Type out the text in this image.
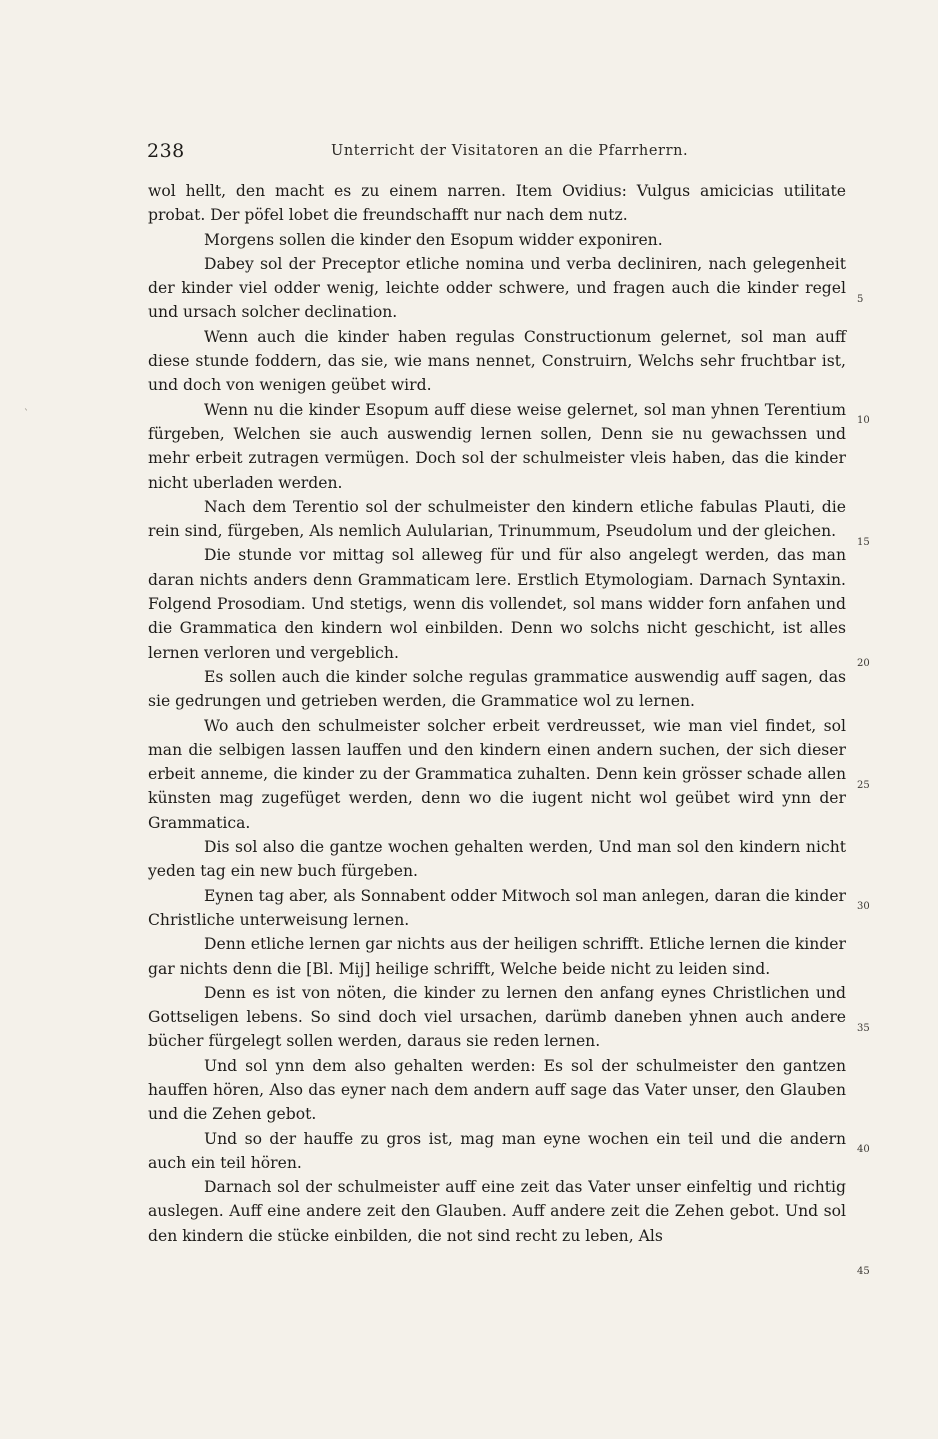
238	Unterricht der Visitatoren an die Pfarrherrn.
ˋ

wol hellt, den macht es zu einem narren. Item Ovidius: Vulgus amicicias utilitate probat. Der pöfel lobet die freundschafft nur nach dem nutz.

Morgens sollen die kinder den Esopum widder exponiren.

Dabey sol der Preceptor etliche nomina und verba decliniren, nach gelegenheit der kinder viel odder wenig, leichte odder schwere, und fragen auch die kinder regel und ursach solcher declination.

Wenn auch die kinder haben regulas Constructionum gelernet, sol man auff diese stunde foddern, das sie, wie mans nennet, Construirn, Welchs sehr fruchtbar ist, und doch von wenigen geübet wird.

Wenn nu die kinder Esopum auff diese weise gelernet, sol man yhnen Terentium fürgeben, Welchen sie auch auswendig lernen sollen, Denn sie nu gewachssen und mehr erbeit zutragen vermügen. Doch sol der schulmeister vleis haben, das die kinder nicht uberladen werden.

Nach dem Terentio sol der schulmeister den kindern etliche fabulas Plauti, die rein sind, fürgeben, Als nemlich Aulularian, Trinummum, Pseudolum und der gleichen.

Die stunde vor mittag sol alleweg für und für also angelegt werden, das man daran nichts anders denn Grammaticam lere. Erstlich Etymologiam. Darnach Syntaxin. Folgend Prosodiam. Und stetigs, wenn dis vollendet, sol mans widder forn anfahen und die Grammatica den kindern wol einbilden. Denn wo solchs nicht geschicht, ist alles lernen verloren und vergeblich.

Es sollen auch die kinder solche regulas grammatice auswendig auff sagen, das sie gedrungen und getrieben werden, die Grammatice wol zu lernen.

Wo auch den schulmeister solcher erbeit verdreusset, wie man viel findet, sol man die selbigen lassen lauffen und den kindern einen andern suchen, der sich dieser erbeit anneme, die kinder zu der Grammatica zuhalten. Denn kein grösser schade allen künsten mag zugefüget werden, denn wo die iugent nicht wol geübet wird ynn der Grammatica.

Dis sol also die gantze wochen gehalten werden, Und man sol den kindern nicht yeden tag ein new buch fürgeben.

Eynen tag aber, als Sonnabent odder Mitwoch sol man anlegen, daran die kinder Christliche unterweisung lernen.

Denn etliche lernen gar nichts aus der heiligen schrifft. Etliche lernen die kinder gar nichts denn die [Bl. Mij] heilige schrifft, Welche beide nicht zu leiden sind.

Denn es ist von nöten, die kinder zu lernen den anfang eynes Christlichen und Gottseligen lebens. So sind doch viel ursachen, darümb daneben yhnen auch andere bücher fürgelegt sollen werden, daraus sie reden lernen.

Und sol ynn dem also gehalten werden: Es sol der schulmeister den gantzen hauffen hören, Also das eyner nach dem andern auff sage das Vater unser, den Glauben und die Zehen gebot.

Und so der hauffe zu gros ist, mag man eyne wochen ein teil und die andern auch ein teil hören.

Darnach sol der schulmeister auff eine zeit das Vater unser einfeltig und richtig auslegen. Auff eine andere zeit den Glauben. Auff andere zeit die Zehen gebot. Und sol den kindern die stücke einbilden, die not sind recht zu leben, Als

5
10
15
20
25
30
35
40
45
